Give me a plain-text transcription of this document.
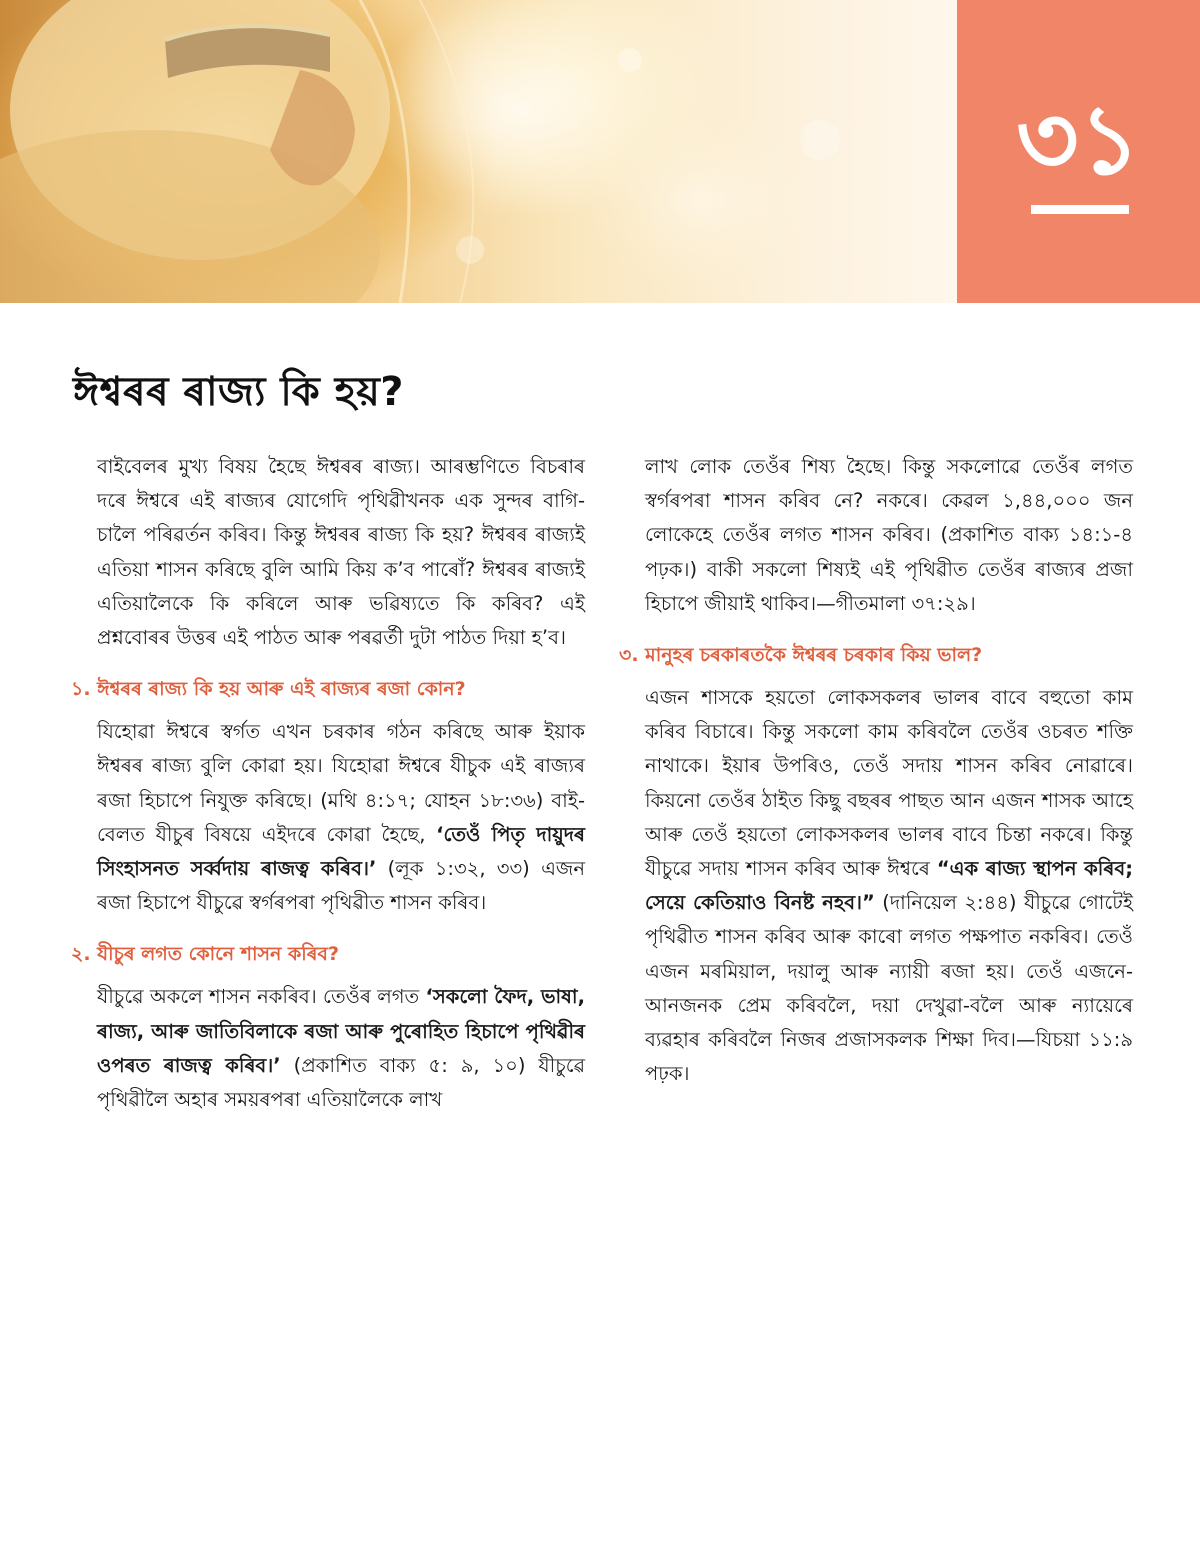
৩১
ঈশ্বৰৰ ৰাজ্য কি হয়?

বাইবেলৰ মুখ্য বিষয় হৈছে ঈশ্বৰৰ ৰাজ্য। আৰম্ভণিতে বিচৰাৰ দৰে ঈশ্বৰে এই ৰাজ্যৰ যোগেদি পৃথিৱীখনক এক সুন্দৰ বাগি-চালৈ পৰিৱৰ্তন কৰিব। কিন্তু ঈশ্বৰৰ ৰাজ্য কি হয়? ঈশ্বৰৰ ৰাজ্যই এতিয়া শাসন কৰিছে বুলি আমি কিয় ক’ব পাৰোঁ? ঈশ্বৰৰ ৰাজ্যই এতিয়ালৈকে কি কৰিলে আৰু ভৱিষ্যতে কি কৰিব? এই প্ৰশ্নবোৰৰ উত্তৰ এই পাঠত আৰু পৰৱৰ্তী দুটা পাঠত দিয়া হ’ব।

১. ঈশ্বৰৰ ৰাজ্য কি হয় আৰু এই ৰাজ্যৰ ৰজা কোন?

যিহোৱা ঈশ্বৰে স্বৰ্গত এখন চৰকাৰ গঠন কৰিছে আৰু ইয়াক ঈশ্বৰৰ ৰাজ্য বুলি কোৱা হয়। যিহোৱা ঈশ্বৰে যীচুক এই ৰাজ্যৰ ৰজা হিচাপে নিযুক্ত কৰিছে। (মথি ৪:১৭; যোহন ১৮:৩৬) বাই-বেলত যীচুৰ বিষয়ে এইদৰে কোৱা হৈছে, ‘তেওঁ পিতৃ দায়ুদৰ সিংহাসনত সৰ্ব্বদায় ৰাজত্ব কৰিব।’ (লূক ১:৩২, ৩৩) এজন ৰজা হিচাপে যীচুৱে স্বৰ্গৰপৰা পৃথিৱীত শাসন কৰিব।

২. যীচুৰ লগত কোনে শাসন কৰিব?

যীচুৱে অকলে শাসন নকৰিব। তেওঁৰ লগত ‘সকলো ফৈদ, ভাষা, ৰাজ্য, আৰু জাতিবিলাকে ৰজা আৰু পুৰোহিত হিচাপে পৃথিৱীৰ ওপৰত ৰাজত্ব কৰিব।’ (প্ৰকাশিত বাক্য ৫: ৯, ১০) যীচুৱে পৃথিৱীলৈ অহাৰ সময়ৰপৰা এতিয়ালৈকে লাখ

লাখ লোক তেওঁৰ শিষ্য হৈছে। কিন্তু সকলোৱে তেওঁৰ লগত স্বৰ্গৰপৰা শাসন কৰিব নে? নকৰে। কেৱল ১,৪৪,০০০ জন লোকেহে তেওঁৰ লগত শাসন কৰিব। (প্ৰকাশিত বাক্য ১৪:১-৪ পঢ়ক।) বাকী সকলো শিষ্যই এই পৃথিৱীত তেওঁৰ ৰাজ্যৰ প্ৰজা হিচাপে জীয়াই থাকিব।—গীতমালা ৩৭:২৯।

৩. মানুহৰ চৰকাৰতকৈ ঈশ্বৰৰ চৰকাৰ কিয় ভাল?

এজন শাসকে হয়তো লোকসকলৰ ভালৰ বাবে বহুতো কাম কৰিব বিচাৰে। কিন্তু সকলো কাম কৰিবলৈ তেওঁৰ ওচৰত শক্তি নাথাকে। ইয়াৰ উপৰিও, তেওঁ সদায় শাসন কৰিব নোৱাৰে। কিয়নো তেওঁৰ ঠাইত কিছু বছৰৰ পাছত আন এজন শাসক আহে আৰু তেওঁ হয়তো লোকসকলৰ ভালৰ বাবে চিন্তা নকৰে। কিন্তু যীচুৱে সদায় শাসন কৰিব আৰু ঈশ্বৰে “এক ৰাজ্য স্থাপন কৰিব; সেয়ে কেতিয়াও বিনষ্ট নহব।” (দানিয়েল ২:৪৪) যীচুৱে গোটেই পৃথিৱীত শাসন কৰিব আৰু কাৰো লগত পক্ষপাত নকৰিব। তেওঁ এজন মৰমিয়াল, দয়ালু আৰু ন্যায়ী ৰজা হয়। তেওঁ এজনে-আনজনক প্ৰেম কৰিবলৈ, দয়া দেখুৱা-বলৈ আৰু ন্যায়েৰে ব্যৱহাৰ কৰিবলৈ নিজৰ প্ৰজাসকলক শিক্ষা দিব।—যিচয়া ১১:৯ পঢ়ক।
